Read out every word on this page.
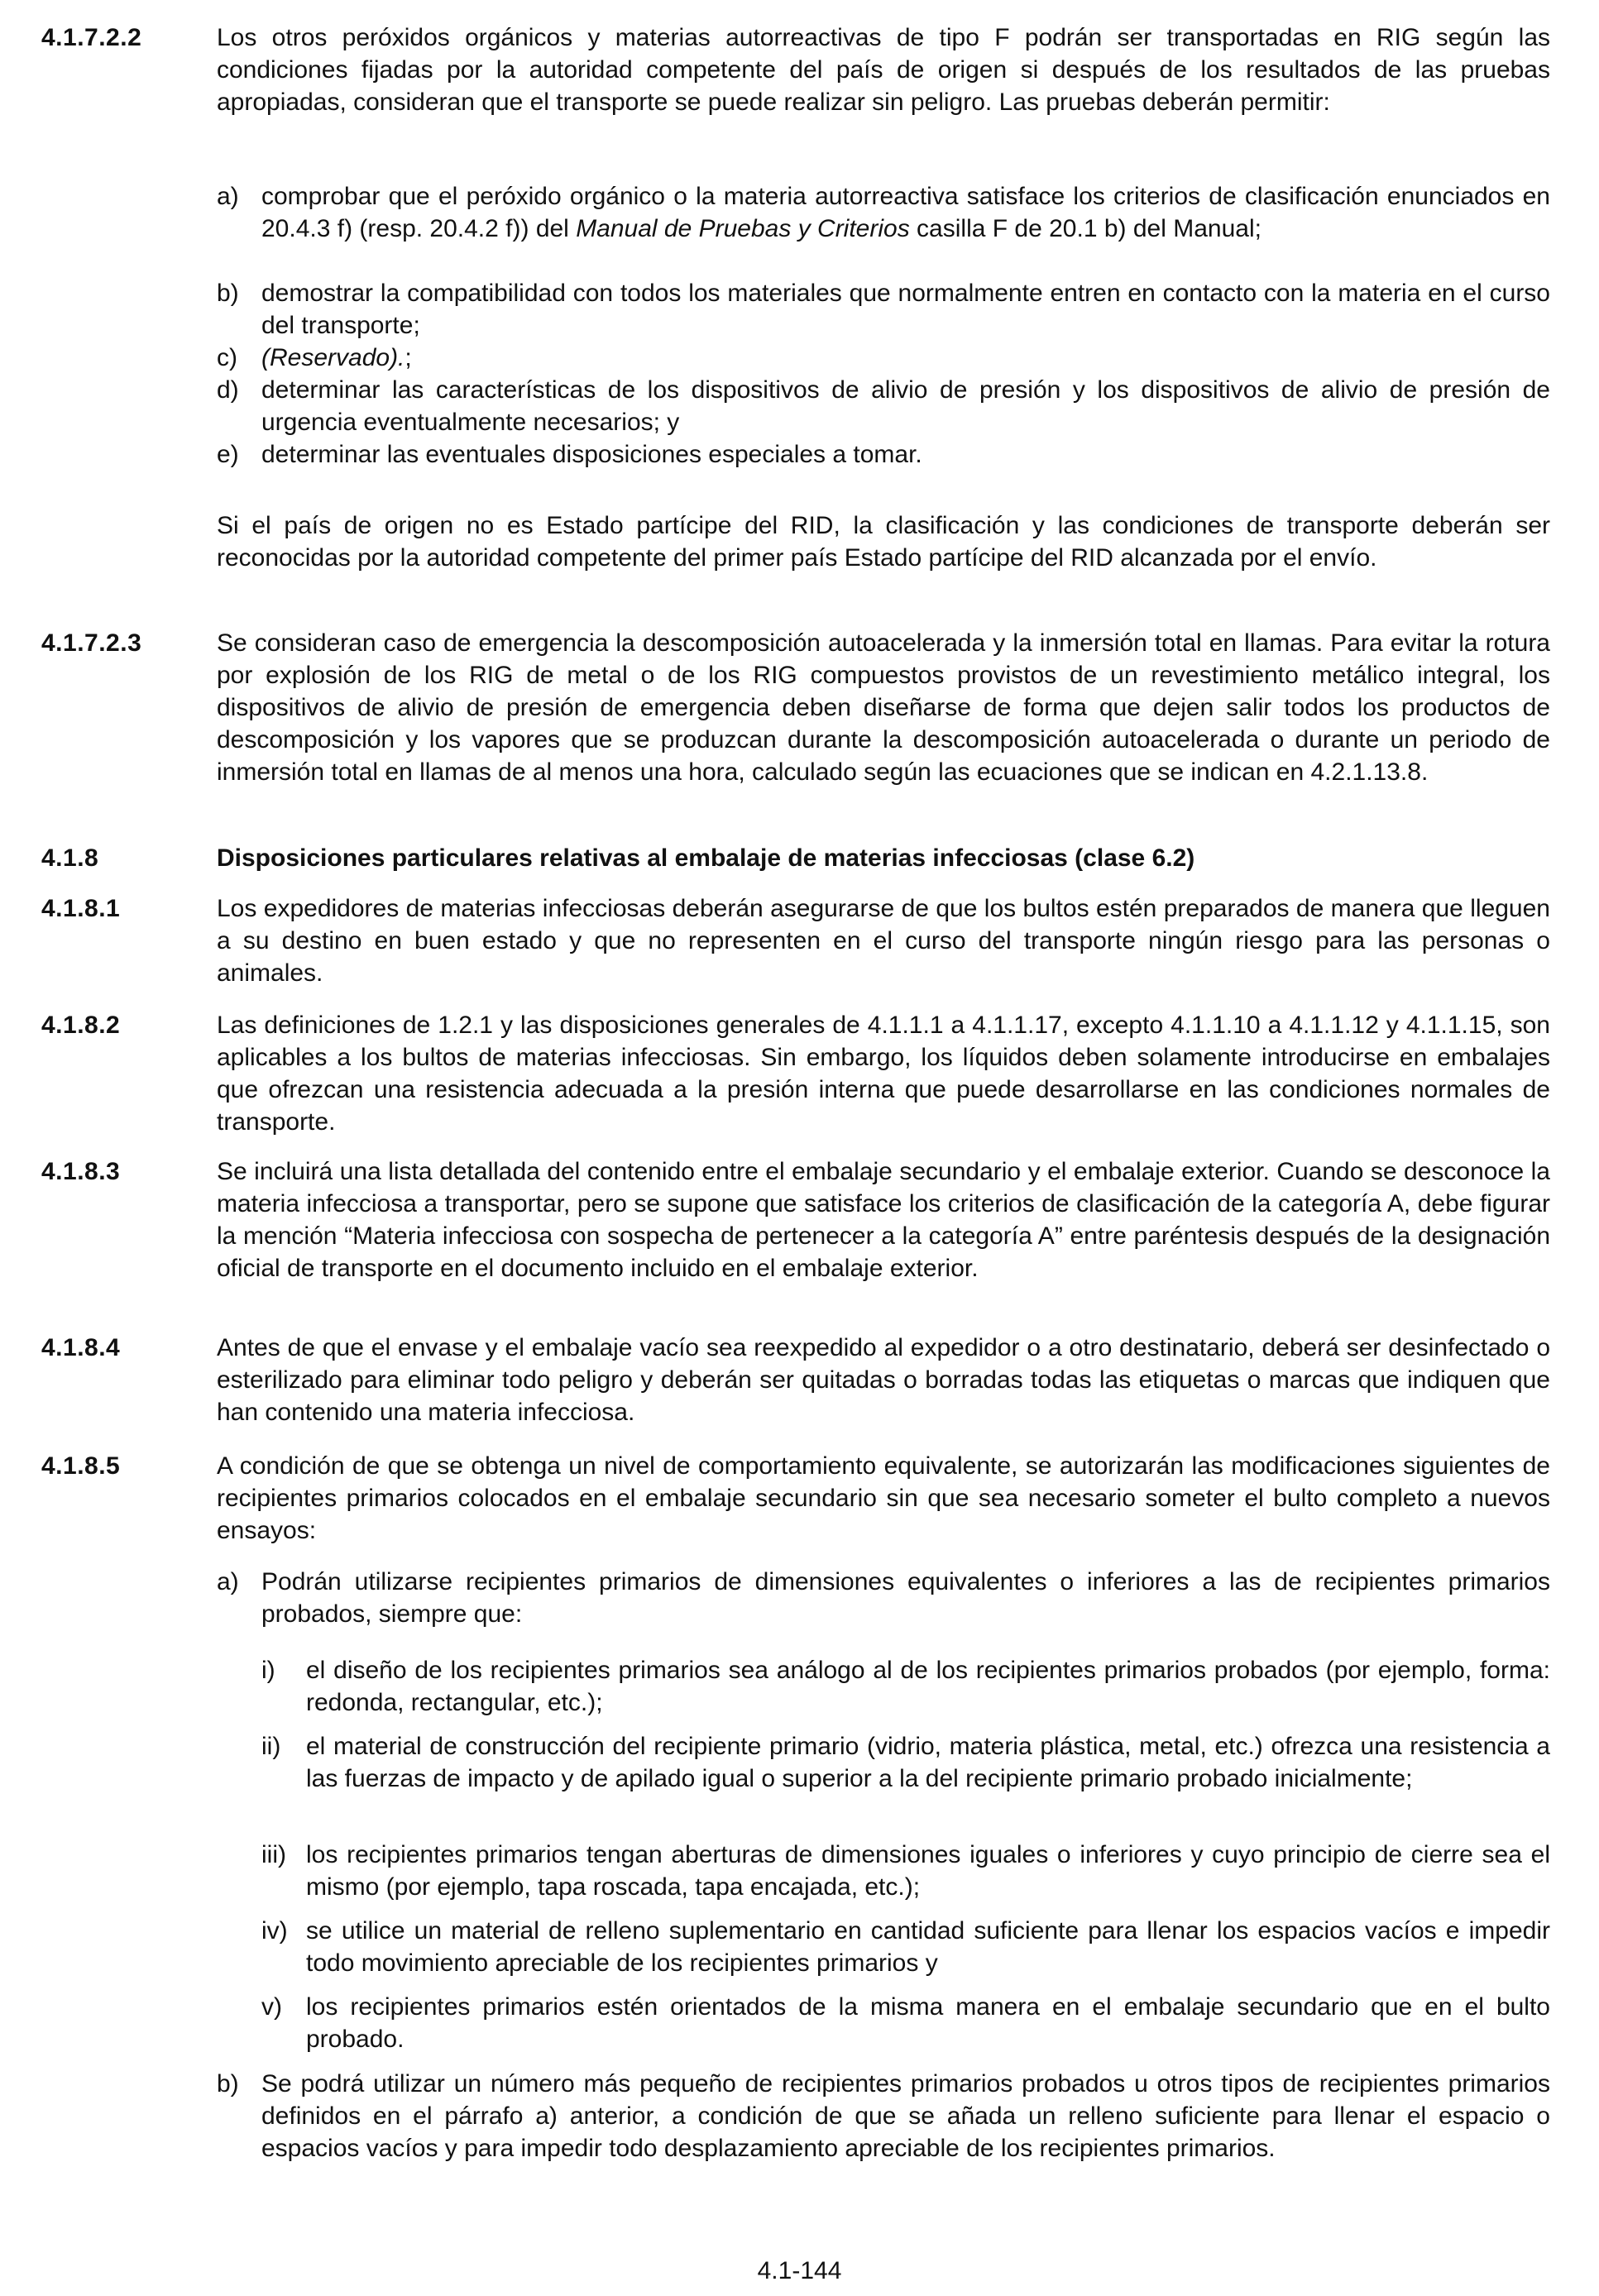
4.1.7.2.2	Los otros peróxidos orgánicos y materias autorreactivas de tipo F podrán ser transportadas en RIG según las condiciones fijadas por la autoridad competente del país de origen si después de los resultados de las pruebas apropiadas, consideran que el transporte se puede realizar sin peligro. Las pruebas deberán permitir:
a) comprobar que el peróxido orgánico o la materia autorreactiva satisface los criterios de clasificación enunciados en 20.4.3 f) (resp. 20.4.2 f)) del Manual de Pruebas y Criterios casilla F de 20.1 b) del Manual;
b) demostrar la compatibilidad con todos los materiales que normalmente entren en contacto con la materia en el curso del transporte;
c) (Reservado).;
d) determinar las características de los dispositivos de alivio de presión y los dispositivos de alivio de presión de urgencia eventualmente necesarios; y
e) determinar las eventuales disposiciones especiales a tomar.
Si el país de origen no es Estado partícipe del RID, la clasificación y las condiciones de transporte deberán ser reconocidas por la autoridad competente del primer país Estado partícipe del RID alcanzada por el envío.
4.1.7.2.3	Se consideran caso de emergencia la descomposición autoacelerada y la inmersión total en llamas. Para evitar la rotura por explosión de los RIG de metal o de los RIG compuestos provistos de un revestimiento metálico integral, los dispositivos de alivio de presión de emergencia deben diseñarse de forma que dejen salir todos los productos de descomposición y los vapores que se produzcan durante la descomposición autoacelerada o durante un periodo de inmersión total en llamas de al menos una hora, calculado según las ecuaciones que se indican en 4.2.1.13.8.
4.1.8	Disposiciones particulares relativas al embalaje de materias infecciosas (clase 6.2)
4.1.8.1	Los expedidores de materias infecciosas deberán asegurarse de que los bultos estén preparados de manera que lleguen a su destino en buen estado y que no representen en el curso del transporte ningún riesgo para las personas o animales.
4.1.8.2	Las definiciones de 1.2.1 y las disposiciones generales de 4.1.1.1 a 4.1.1.17, excepto 4.1.1.10 a 4.1.1.12 y 4.1.1.15, son aplicables a los bultos de materias infecciosas. Sin embargo, los líquidos deben solamente introducirse en embalajes que ofrezcan una resistencia adecuada a la presión interna que puede desarrollarse en las condiciones normales de transporte.
4.1.8.3	Se incluirá una lista detallada del contenido entre el embalaje secundario y el embalaje exterior. Cuando se desconoce la materia infecciosa a transportar, pero se supone que satisface los criterios de clasificación de la categoría A, debe figurar la mención “Materia infecciosa con sospecha de pertenecer a la categoría A” entre paréntesis después de la designación oficial de transporte en el documento incluido en el embalaje exterior.
4.1.8.4	Antes de que el envase y el embalaje vacío sea reexpedido al expedidor o a otro destinatario, deberá ser desinfectado o esterilizado para eliminar todo peligro y deberán ser quitadas o borradas todas las etiquetas o marcas que indiquen que han contenido una materia infecciosa.
4.1.8.5	A condición de que se obtenga un nivel de comportamiento equivalente, se autorizarán las modificaciones siguientes de recipientes primarios colocados en el embalaje secundario sin que sea necesario someter el bulto completo a nuevos ensayos:
a) Podrán utilizarse recipientes primarios de dimensiones equivalentes o inferiores a las de recipientes primarios probados, siempre que:
i) el diseño de los recipientes primarios sea análogo al de los recipientes primarios probados (por ejemplo, forma: redonda, rectangular, etc.);
ii) el material de construcción del recipiente primario (vidrio, materia plástica, metal, etc.) ofrezca una resistencia a las fuerzas de impacto y de apilado igual o superior a la del recipiente primario probado inicialmente;
iii) los recipientes primarios tengan aberturas de dimensiones iguales o inferiores y cuyo principio de cierre sea el mismo (por ejemplo, tapa roscada, tapa encajada, etc.);
iv) se utilice un material de relleno suplementario en cantidad suficiente para llenar los espacios vacíos e impedir todo movimiento apreciable de los recipientes primarios y
v) los recipientes primarios estén orientados de la misma manera en el embalaje secundario que en el bulto probado.
b) Se podrá utilizar un número más pequeño de recipientes primarios probados u otros tipos de recipientes primarios definidos en el párrafo a) anterior, a condición de que se añada un relleno suficiente para llenar el espacio o espacios vacíos y para impedir todo desplazamiento apreciable de los recipientes primarios.
4.1-144
